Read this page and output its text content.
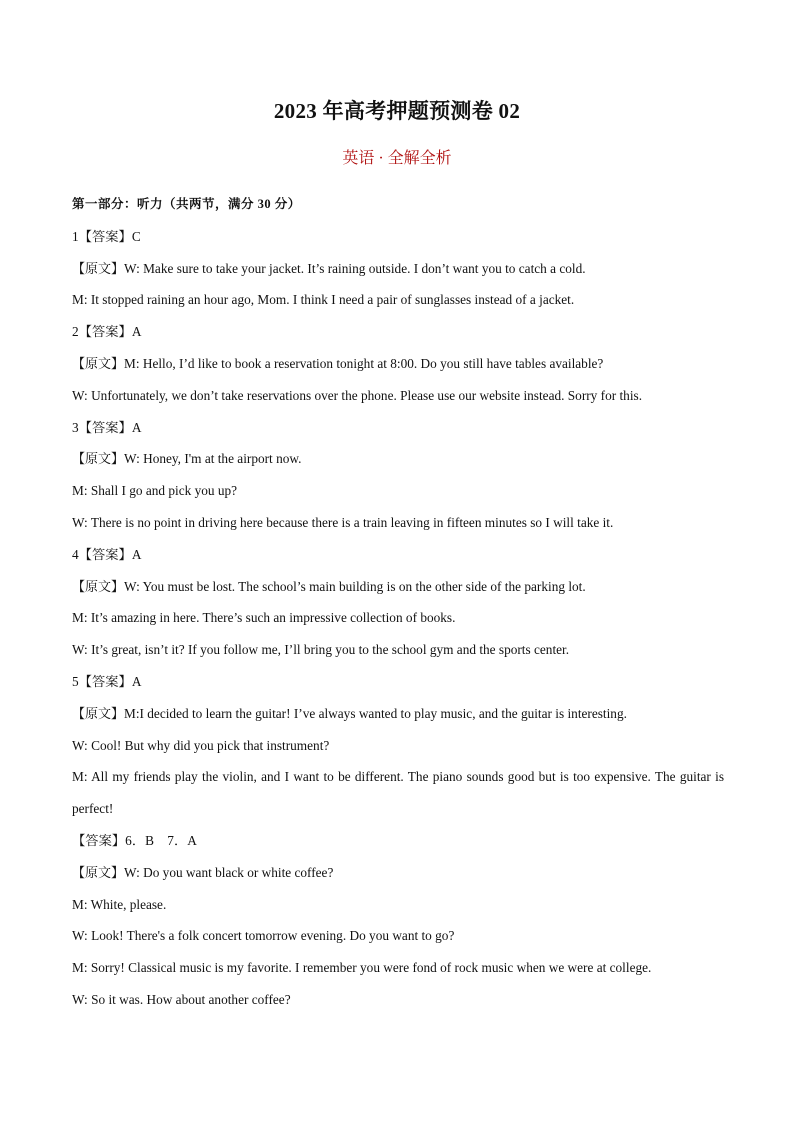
2023 年高考押题预测卷 02
英语 · 全解全析
第一部分：听力（共两节，满分 30 分）
1【答案】C
【原文】W: Make sure to take your jacket. It’s raining outside. I don’t want you to catch a cold.
M: It stopped raining an hour ago, Mom. I think I need a pair of sunglasses instead of a jacket.
2【答案】A
【原文】M: Hello, I’d like to book a reservation tonight at 8:00. Do you still have tables available?
W: Unfortunately, we don’t take reservations over the phone. Please use our website instead. Sorry for this.
3【答案】A
【原文】W: Honey, I'm at the airport now.
M: Shall I go and pick you up?
W: There is no point in driving here because there is a train leaving in fifteen minutes so I will take it.
4【答案】A
【原文】W: You must be lost. The school’s main building is on the other side of the parking lot.
M: It’s amazing in here. There’s such an impressive collection of books.
W: It’s great, isn’t it? If you follow me, I’ll bring you to the school gym and the sports center.
5【答案】A
【原文】M:I decided to learn the guitar! I’ve always wanted to play music, and the guitar is interesting.
W: Cool! But why did you pick that instrument?
M: All my friends play the violin, and I want to be different. The piano sounds good but is too expensive. The guitar is perfect!
【答案】6．B　7．A
【原文】W: Do you want black or white coffee?
M: White, please.
W: Look! There's a folk concert tomorrow evening. Do you want to go?
M: Sorry! Classical music is my favorite. I remember you were fond of rock music when we were at college.
W: So it was. How about another coffee?
